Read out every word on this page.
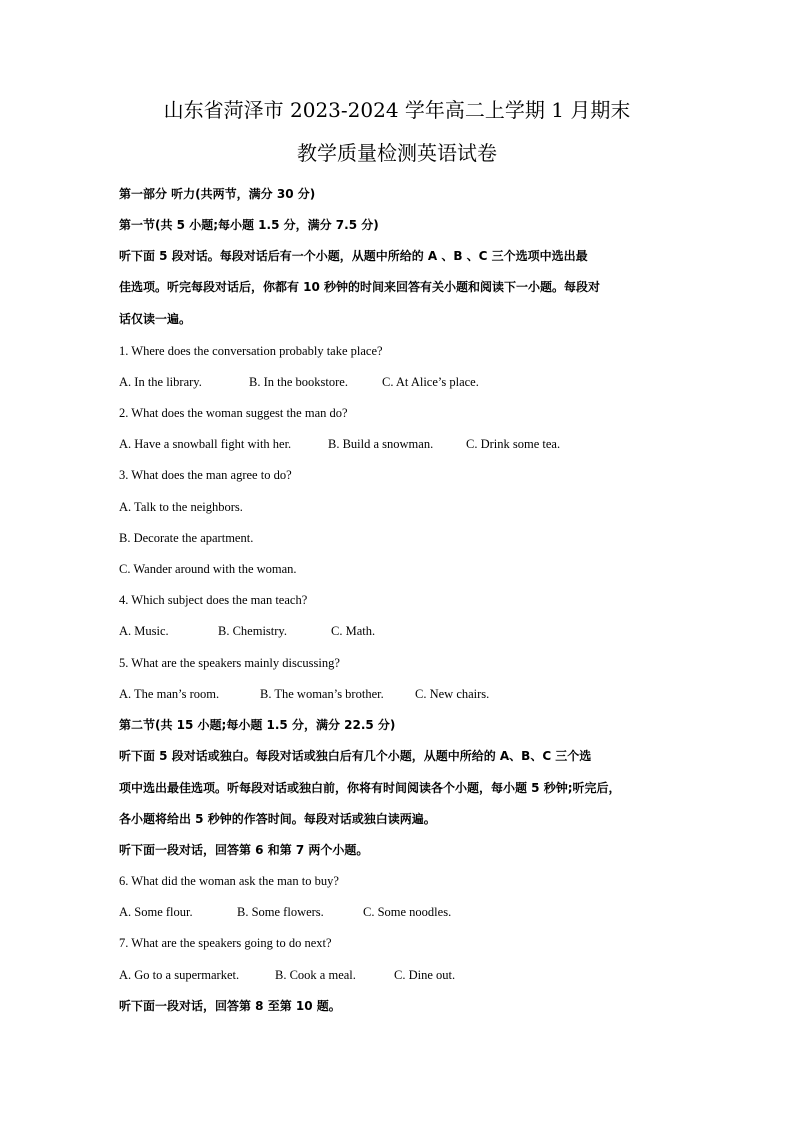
山东省菏泽市 2023-2024 学年高二上学期 1 月期末
教学质量检测英语试卷
第一部分 听力(共两节，满分 30 分)
第一节(共 5 小题;每小题 1.5 分，满分 7.5 分)
听下面 5 段对话。每段对话后有一个小题，从题中所给的 A 、B 、C 三个选项中选出最
佳选项。听完每段对话后，你都有 10 秒钟的时间来回答有关小题和阅读下一小题。每段对
话仅读一遍。
1. Where does the conversation probably take place?
A. In the library.	B. In the bookstore.	C. At Alice’s place.
2. What does the woman suggest the man do?
A. Have a snowball fight with her.	B. Build a snowman.	C. Drink some tea.
3. What does the man agree to do?
A. Talk to the neighbors.
B. Decorate the apartment.
C. Wander around with the woman.
4. Which subject does the man teach?
A. Music.	B. Chemistry.	C. Math.
5. What are the speakers mainly discussing?
A. The man’s room.	B. The woman’s brother.	C. New chairs.
第二节(共 15 小题;每小题 1.5 分，满分 22.5 分)
听下面 5 段对话或独白。每段对话或独白后有几个小题，从题中所给的 A、B、C 三个选
项中选出最佳选项。听每段对话或独白前，你将有时间阅读各个小题，每小题 5 秒钟;听完后，
各小题将给出 5 秒钟的作答时间。每段对话或独白读两遍。
听下面一段对话，回答第 6 和第 7 两个小题。
6. What did the woman ask the man to buy?
A. Some flour.	B. Some flowers.	C. Some noodles.
7. What are the speakers going to do next?
A. Go to a supermarket.	B. Cook a meal.	C. Dine out.
听下面一段对话，回答第 8 至第 10 题。
